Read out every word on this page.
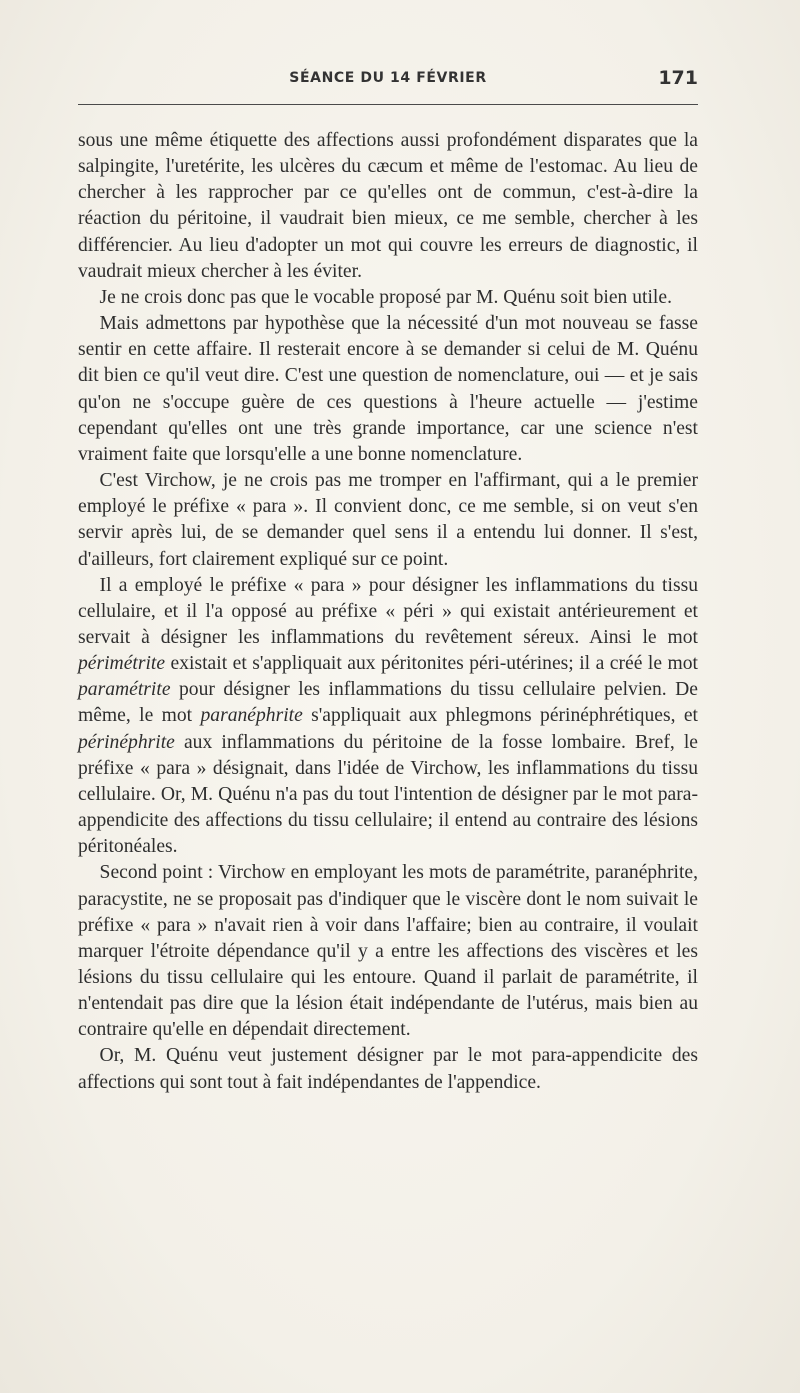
SÉANCE DU 14 FÉVRIER	171

sous une même étiquette des affections aussi profondément disparates que la salpingite, l'uretérite, les ulcères du cæcum et même de l'estomac. Au lieu de chercher à les rapprocher par ce qu'elles ont de commun, c'est-à-dire la réaction du péritoine, il vaudrait bien mieux, ce me semble, chercher à les différencier. Au lieu d'adopter un mot qui couvre les erreurs de diagnostic, il vaudrait mieux chercher à les éviter.

Je ne crois donc pas que le vocable proposé par M. Quénu soit bien utile.

Mais admettons par hypothèse que la nécessité d'un mot nouveau se fasse sentir en cette affaire. Il resterait encore à se demander si celui de M. Quénu dit bien ce qu'il veut dire. C'est une question de nomenclature, oui — et je sais qu'on ne s'occupe guère de ces questions à l'heure actuelle — j'estime cependant qu'elles ont une très grande importance, car une science n'est vraiment faite que lorsqu'elle a une bonne nomenclature.

C'est Virchow, je ne crois pas me tromper en l'affirmant, qui a le premier employé le préfixe « para ». Il convient donc, ce me semble, si on veut s'en servir après lui, de se demander quel sens il a entendu lui donner. Il s'est, d'ailleurs, fort clairement expliqué sur ce point.

Il a employé le préfixe « para » pour désigner les inflammations du tissu cellulaire, et il l'a opposé au préfixe « péri » qui existait antérieurement et servait à désigner les inflammations du revêtement séreux. Ainsi le mot périmétrite existait et s'appliquait aux péritonites péri-utérines; il a créé le mot paramétrite pour désigner les inflammations du tissu cellulaire pelvien. De même, le mot paranéphrite s'appliquait aux phlegmons périnéphrétiques, et périnéphrite aux inflammations du péritoine de la fosse lombaire. Bref, le préfixe « para » désignait, dans l'idée de Virchow, les inflammations du tissu cellulaire. Or, M. Quénu n'a pas du tout l'intention de désigner par le mot para-appendicite des affections du tissu cellulaire; il entend au contraire des lésions péritonéales.

Second point : Virchow en employant les mots de paramétrite, paranéphrite, paracystite, ne se proposait pas d'indiquer que le viscère dont le nom suivait le préfixe « para » n'avait rien à voir dans l'affaire; bien au contraire, il voulait marquer l'étroite dépendance qu'il y a entre les affections des viscères et les lésions du tissu cellulaire qui les entoure. Quand il parlait de paramétrite, il n'entendait pas dire que la lésion était indépendante de l'utérus, mais bien au contraire qu'elle en dépendait directement.

Or, M. Quénu veut justement désigner par le mot para-appendicite des affections qui sont tout à fait indépendantes de l'appendice.
